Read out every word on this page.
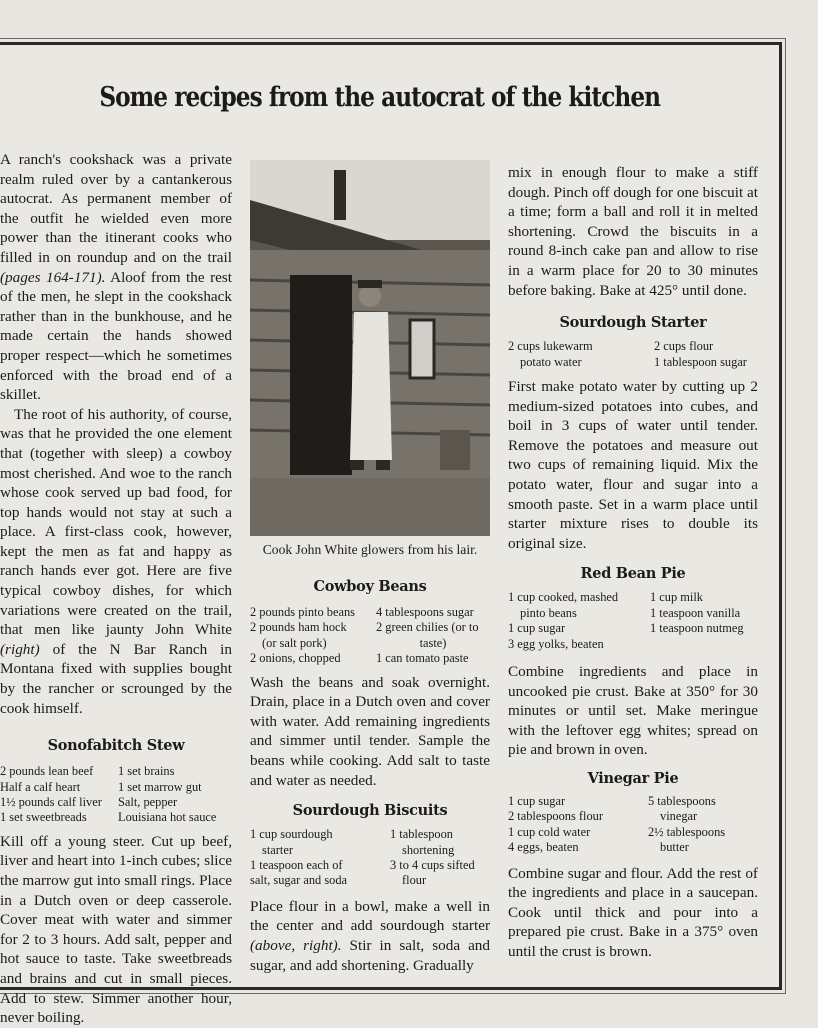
Some recipes from the autocrat of the kitchen

A ranch's cookshack was a private realm ruled over by a cantankerous autocrat. As permanent member of the outfit he wielded even more power than the itinerant cooks who filled in on roundup and on the trail (pages 164-171). Aloof from the rest of the men, he slept in the cookshack rather than in the bunkhouse, and he made certain the hands showed proper respect—which he sometimes enforced with the broad end of a skillet.

The root of his authority, of course, was that he provided the one element that (together with sleep) a cowboy most cherished. And woe to the ranch whose cook served up bad food, for top hands would not stay at such a place. A first-class cook, however, kept the men as fat and happy as ranch hands ever got. Here are five typical cowboy dishes, for which variations were created on the trail, that men like jaunty John White (right) of the N Bar Ranch in Montana fixed with supplies bought by the rancher or scrounged by the cook himself.

Sonofabitch Stew
2 pounds lean beef
Half a calf heart
1½ pounds calf liver
1 set sweetbreads
1 set brains
1 set marrow gut
Salt, pepper
Louisiana hot sauce

Kill off a young steer. Cut up beef, liver and heart into 1-inch cubes; slice the marrow gut into small rings. Place in a Dutch oven or deep casserole. Cover meat with water and simmer for 2 to 3 hours. Add salt, pepper and hot sauce to taste. Take sweetbreads and brains and cut in small pieces. Add to stew. Simmer another hour, never boiling.

Cook John White glowers from his lair.

Cowboy Beans
2 pounds pinto beans
2 pounds ham hock
(or salt pork)
2 onions, chopped
4 tablespoons sugar
2 green chilies (or to
taste)
1 can tomato paste

Wash the beans and soak overnight. Drain, place in a Dutch oven and cover with water. Add remaining ingredients and simmer until tender. Sample the beans while cooking. Add salt to taste and water as needed.

Sourdough Biscuits
1 cup sourdough
starter
1 teaspoon each of
salt, sugar and soda
1 tablespoon
shortening
3 to 4 cups sifted
flour

Place flour in a bowl, make a well in the center and add sourdough starter (above, right). Stir in salt, soda and sugar, and add shortening. Gradually

mix in enough flour to make a stiff dough. Pinch off dough for one biscuit at a time; form a ball and roll it in melted shortening. Crowd the biscuits in a round 8-inch cake pan and allow to rise in a warm place for 20 to 30 minutes before baking. Bake at 425° until done.

Sourdough Starter
2 cups lukewarm
potato water
2 cups flour
1 tablespoon sugar

First make potato water by cutting up 2 medium-sized potatoes into cubes, and boil in 3 cups of water until tender. Remove the potatoes and measure out two cups of remaining liquid. Mix the potato water, flour and sugar into a smooth paste. Set in a warm place until starter mixture rises to double its original size.

Red Bean Pie
1 cup cooked, mashed
pinto beans
1 cup sugar
3 egg yolks, beaten
1 cup milk
1 teaspoon vanilla
1 teaspoon nutmeg

Combine ingredients and place in uncooked pie crust. Bake at 350° for 30 minutes or until set. Make meringue with the leftover egg whites; spread on pie and brown in oven.

Vinegar Pie
1 cup sugar
2 tablespoons flour
1 cup cold water
4 eggs, beaten
5 tablespoons
vinegar
2½ tablespoons
butter

Combine sugar and flour. Add the rest of the ingredients and place in a saucepan. Cook until thick and pour into a prepared pie crust. Bake in a 375° oven until the crust is brown.
